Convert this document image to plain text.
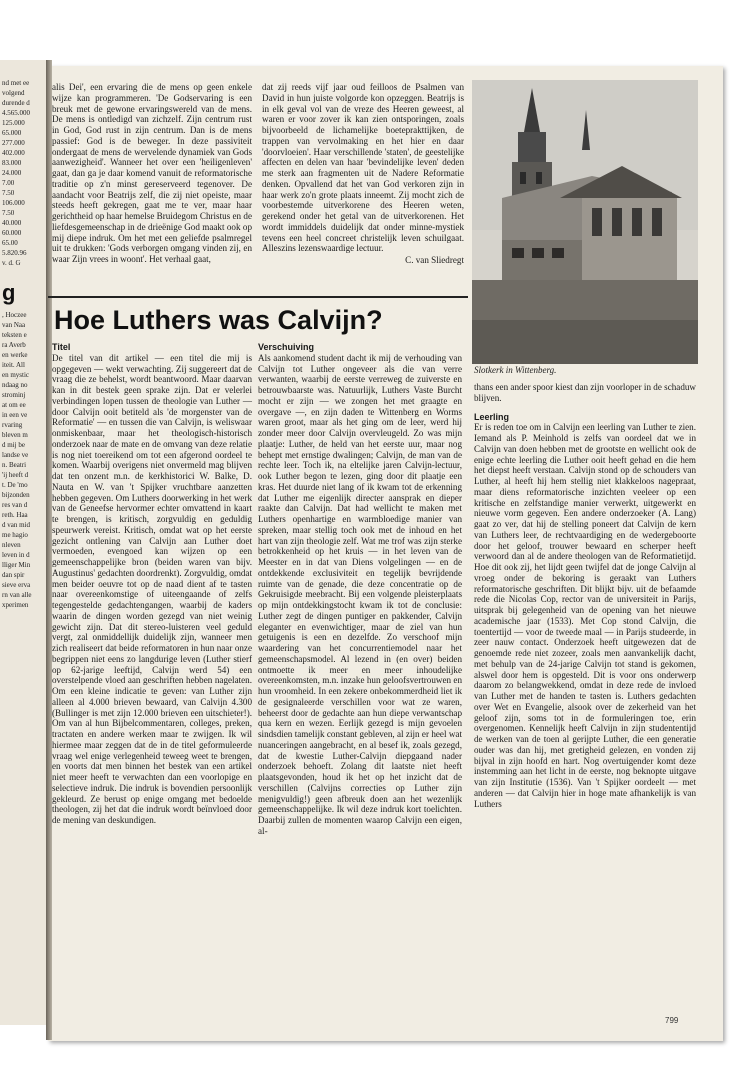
nd met ee
volgend
durende d
4.565.000
125.000
65.000
277.000
402.000
83.000
24.000
7.00
7.50
106.000
7.50
40.000
60.000
65.00
5.820.96
v. d. G
g
, Hoczee
van Naa
teksten e
ra Averb
en werke
iteit. All
en mystic
ndaag no
strominj
at om ee
in een ve
rvaring
bleven m
d mij be
landse ve
n. Beatri
'ij heeft d
t. De 'mo
bijzonden
res van d
reth. Haa
d van mid
me hagio
nleven
leven in d
lliger Min
dan spir
sieve erva
rn van alle
xperimen

alis Dei', een ervaring die de mens op geen enkele wijze kan programmeren. 'De Godservaring is een breuk met de gewone ervaringswereld van de mens. De mens is ontledigd van zichzelf. Zijn centrum rust in God, God rust in zijn centrum. Dan is de mens passief: God is de beweger. In deze passiviteit ondergaat de mens de wervelende dynamiek van Gods aanwezigheid'. Wanneer het over een 'heiligenleven' gaat, dan ga je daar komend vanuit de reformatorische traditie op z'n minst gereserveerd tegenover. De aandacht voor Beatrijs zelf, die zij niet opeiste, maar steeds heeft gekregen, gaat me te ver, maar haar gerichtheid op haar hemelse Bruidegom Christus en de liefdesgemeenschap in de drieënige God maakt ook op mij diepe indruk. Om het met een geliefde psalmregel uit te drukken: 'Gods verborgen omgang vinden zij, en waar Zijn vrees in woont'. Het verhaal gaat,

dat zij reeds vijf jaar oud feilloos de Psalmen van David in hun juiste volgorde kon opzeggen. Beatrijs is in elk geval vol van de vreze des Heeren geweest, al waren er voor zover ik kan zien ontsporingen, zoals bijvoorbeeld de lichamelijke boeteprakttijken, de trappen van vervolmaking en het hier en daar 'doorvloeien'. Haar verschillende 'staten', de geestelijke affecten en delen van haar 'bevindelijke leven' deden me sterk aan fragmenten uit de Nadere Reformatie denken. Opvallend dat het van God verkoren zijn in haar werk zo'n grote plaats inneemt. Zij mocht zich de voorbestemde uitverkorene des Heeren weten, gerekend onder het getal van de uitverkorenen. Het wordt immiddels duidelijk dat onder minne-mystiek tevens een heel concreet christelijk leven schuilgaat. Alleszins lezenswaardige lectuur.

C. van Sliedregt
Hoe Luthers was Calvijn?
Slotkerk in Wittenberg.
Titel

De titel van dit artikel — een titel die mij is opgegeven — wekt verwachting. Zij suggereert dat de vraag die ze behelst, wordt beantwoord. Maar daarvan kan in dit bestek geen sprake zijn. Dat er velerlei verbindingen lopen tussen de theologie van Luther — door Calvijn ooit betiteld als 'de morgenster van de Reformatie' — en tussen die van Calvijn, is weliswaar onmiskenbaar, maar het theologisch-historisch onderzoek naar de mate en de omvang van deze relatie is nog niet toereikend om tot een afgerond oordeel te komen. Waarbij overigens niet onvermeld mag blijven dat ten onzent m.n. de kerkhistorici W. Balke, D. Nauta en W. van 't Spijker vruchtbare aanzetten hebben gegeven. Om Luthers doorwerking in het werk van de Geneefse hervormer echter omvattend in kaart te brengen, is kritisch, zorgvuldig en geduldig speurwerk vereist. Kritisch, omdat wat op het eerste gezicht ontlening van Calvijn aan Luther doet vermoeden, evengoed kan wijzen op een gemeenschappelijke bron (beiden waren van bijv. Augustinus' gedachten doordrenkt). Zorgvuldig, omdat men beider oeuvre tot op de naad dient af te tasten naar overeenkomstige of uiteengaande of zelfs tegengestelde gedachtengangen, waarbij de kaders waarin de dingen worden gezegd van niet weinig gewicht zijn. Dat dit stereo-luisteren veel geduld vergt, zal onmiddellijk duidelijk zijn, wanneer men zich realiseert dat beide reformatoren in hun naar onze begrippen niet eens zo langdurige leven (Luther stierf op 62-jarige leeftijd, Calvijn werd 54) een overstelpende vloed aan geschriften hebben nagelaten. Om een kleine indicatie te geven: van Luther zijn alleen al 4.000 brieven bewaard, van Calvijn 4.300 (Bullinger is met zijn 12.000 brieven een uitschieter!). Om van al hun Bijbelcommentaren, colleges, preken, tractaten en andere werken maar te zwijgen. Ik wil hiermee maar zeggen dat de in de titel geformuleerde vraag wel enige verlegenheid teweeg weet te brengen, en voorts dat men binnen het bestek van een artikel niet meer heeft te verwachten dan een voorlopige en selectieve indruk. Die indruk is bovendien persoonlijk gekleurd. Ze berust op enige omgang met bedoelde theologen, zij het dat die indruk wordt beïnvloed door de mening van deskundigen.

Verschuiving

Als aankomend student dacht ik mij de verhouding van Calvijn tot Luther ongeveer als die van verre verwanten, waarbij de eerste verreweg de zuiverste en betrouwbaarste was. Natuurlijk, Luthers Vaste Burcht mocht er zijn — we zongen het met graagte en overgave —, en zijn daden te Wittenberg en Worms waren groot, maar als het ging om de leer, werd hij zonder meer door Calvijn overvleugeld. Zo was mijn plaatje: Luther, de held van het eerste uur, maar nog behept met ernstige dwalingen; Calvijn, de man van de rechte leer. Toch ik, na eltelijke jaren Calvijn-lectuur, ook Luther begon te lezen, ging door dit plaatje een kras. Het duurde niet lang of ik kwam tot de erkenning dat Luther me eigenlijk directer aansprak en dieper raakte dan Calvijn. Dat had wellicht te maken met Luthers openhartige en warmbloedige manier van spreken, maar stellig toch ook met de inhoud en het hart van zijn theologie zelf. Wat me trof was zijn sterke betrokkenheid op het kruis — in het leven van de Meester en in dat van Diens volgelingen — en de ontdekkende exclusiviteit en tegelijk bevrijdende ruimte van de genade, die deze concentratie op de Gekruisigde meebracht. Bij een volgende pleisterplaats op mijn ontdekkingstocht kwam ik tot de conclusie: Luther zegt de dingen puntiger en pakkender, Calvijn eleganter en evenwichtiger, maar de ziel van hun getuigenis is een en dezelfde. Zo verschoof mijn waardering van het concurrentiemodel naar het gemeenschapsmodel. Al lezend in (en over) beiden ontmoette ik meer en meer inhoudelijke overeenkomsten, m.n. inzake hun geloofsvertrouwen en hun vroomheid. In een zekere onbekommerdheid liet ik de gesignaleerde verschillen voor wat ze waren, beheerst door de gedachte aan hun diepe verwantschap qua kern en wezen. Eerlijk gezegd is mijn gevoelen sindsdien tamelijk constant gebleven, al zijn er heel wat nuanceringen aangebracht, en al besef ik, zoals gezegd, dat de kwestie Luther-Calvijn diepgaand nader onderzoek behoeft. Zolang dit laatste niet heeft plaatsgevonden, houd ik het op het inzicht dat de verschillen (Calvijns correcties op Luther zijn menigvuldig!) geen afbreuk doen aan het wezenlijk gemeenschappelijke. Ik wil deze indruk kort toelichten. Daarbij zullen de momenten waarop Calvijn een eigen, al-

thans een ander spoor kiest dan zijn voorloper in de schaduw blijven.

Leerling

Er is reden toe om in Calvijn een leerling van Luther te zien. Iemand als P. Meinhold is zelfs van oordeel dat we in Calvijn van doen hebben met de grootste en wellicht ook de enige echte leerling die Luther ooit heeft gehad en die hem het diepst heeft verstaan. Calvijn stond op de schouders van Luther, al heeft hij hem stellig niet klakkeloos nagepraat, maar diens reformatorische inzichten veeleer op een kritische en zelfstandige manier verwerkt, uitgewerkt en nieuwe vorm gegeven. Een andere onderzoeker (A. Lang) gaat zo ver, dat hij de stelling poneert dat Calvijn de kern van Luthers leer, de rechtvaardiging en de wedergeboorte door het geloof, trouwer bewaard en scherper heeft verwoord dan al de andere theologen van de Reformatietijd. Hoe dit ook zij, het lijdt geen twijfel dat de jonge Calvijn al vroeg onder de bekoring is geraakt van Luthers reformatorische geschriften. Dit blijkt bijv. uit de befaamde rede die Nicolas Cop, rector van de universiteit in Parijs, uitsprak bij gelegenheid van de opening van het nieuwe academische jaar (1533). Met Cop stond Calvijn, die toentertijd — voor de tweede maal — in Parijs studeerde, in zeer nauw contact. Onderzoek heeft uitgewezen dat de genoemde rede niet zozeer, zoals men aanvankelijk dacht, met behulp van de 24-jarige Calvijn tot stand is gekomen, alswel door hem is opgesteld. Dit is voor ons onderwerp daarom zo belangwekkend, omdat in deze rede de invloed van Luther met de handen te tasten is. Luthers gedachten over Wet en Evangelie, alsook over de zekerheid van het geloof zijn, soms tot in de formuleringen toe, erin overgenomen. Kennelijk heeft Calvijn in zijn studententijd de werken van de toen al gerijpte Luther, die een generatie ouder was dan hij, met gretigheid gelezen, en vonden zij bijval in zijn hoofd en hart. Nog overtuigender komt deze instemming aan het licht in de eerste, nog beknopte uitgave van zijn Institutie (1536). Van 't Spijker oordeelt — met anderen — dat Calvijn hier in hoge mate afhankelijk is van Luthers

799
